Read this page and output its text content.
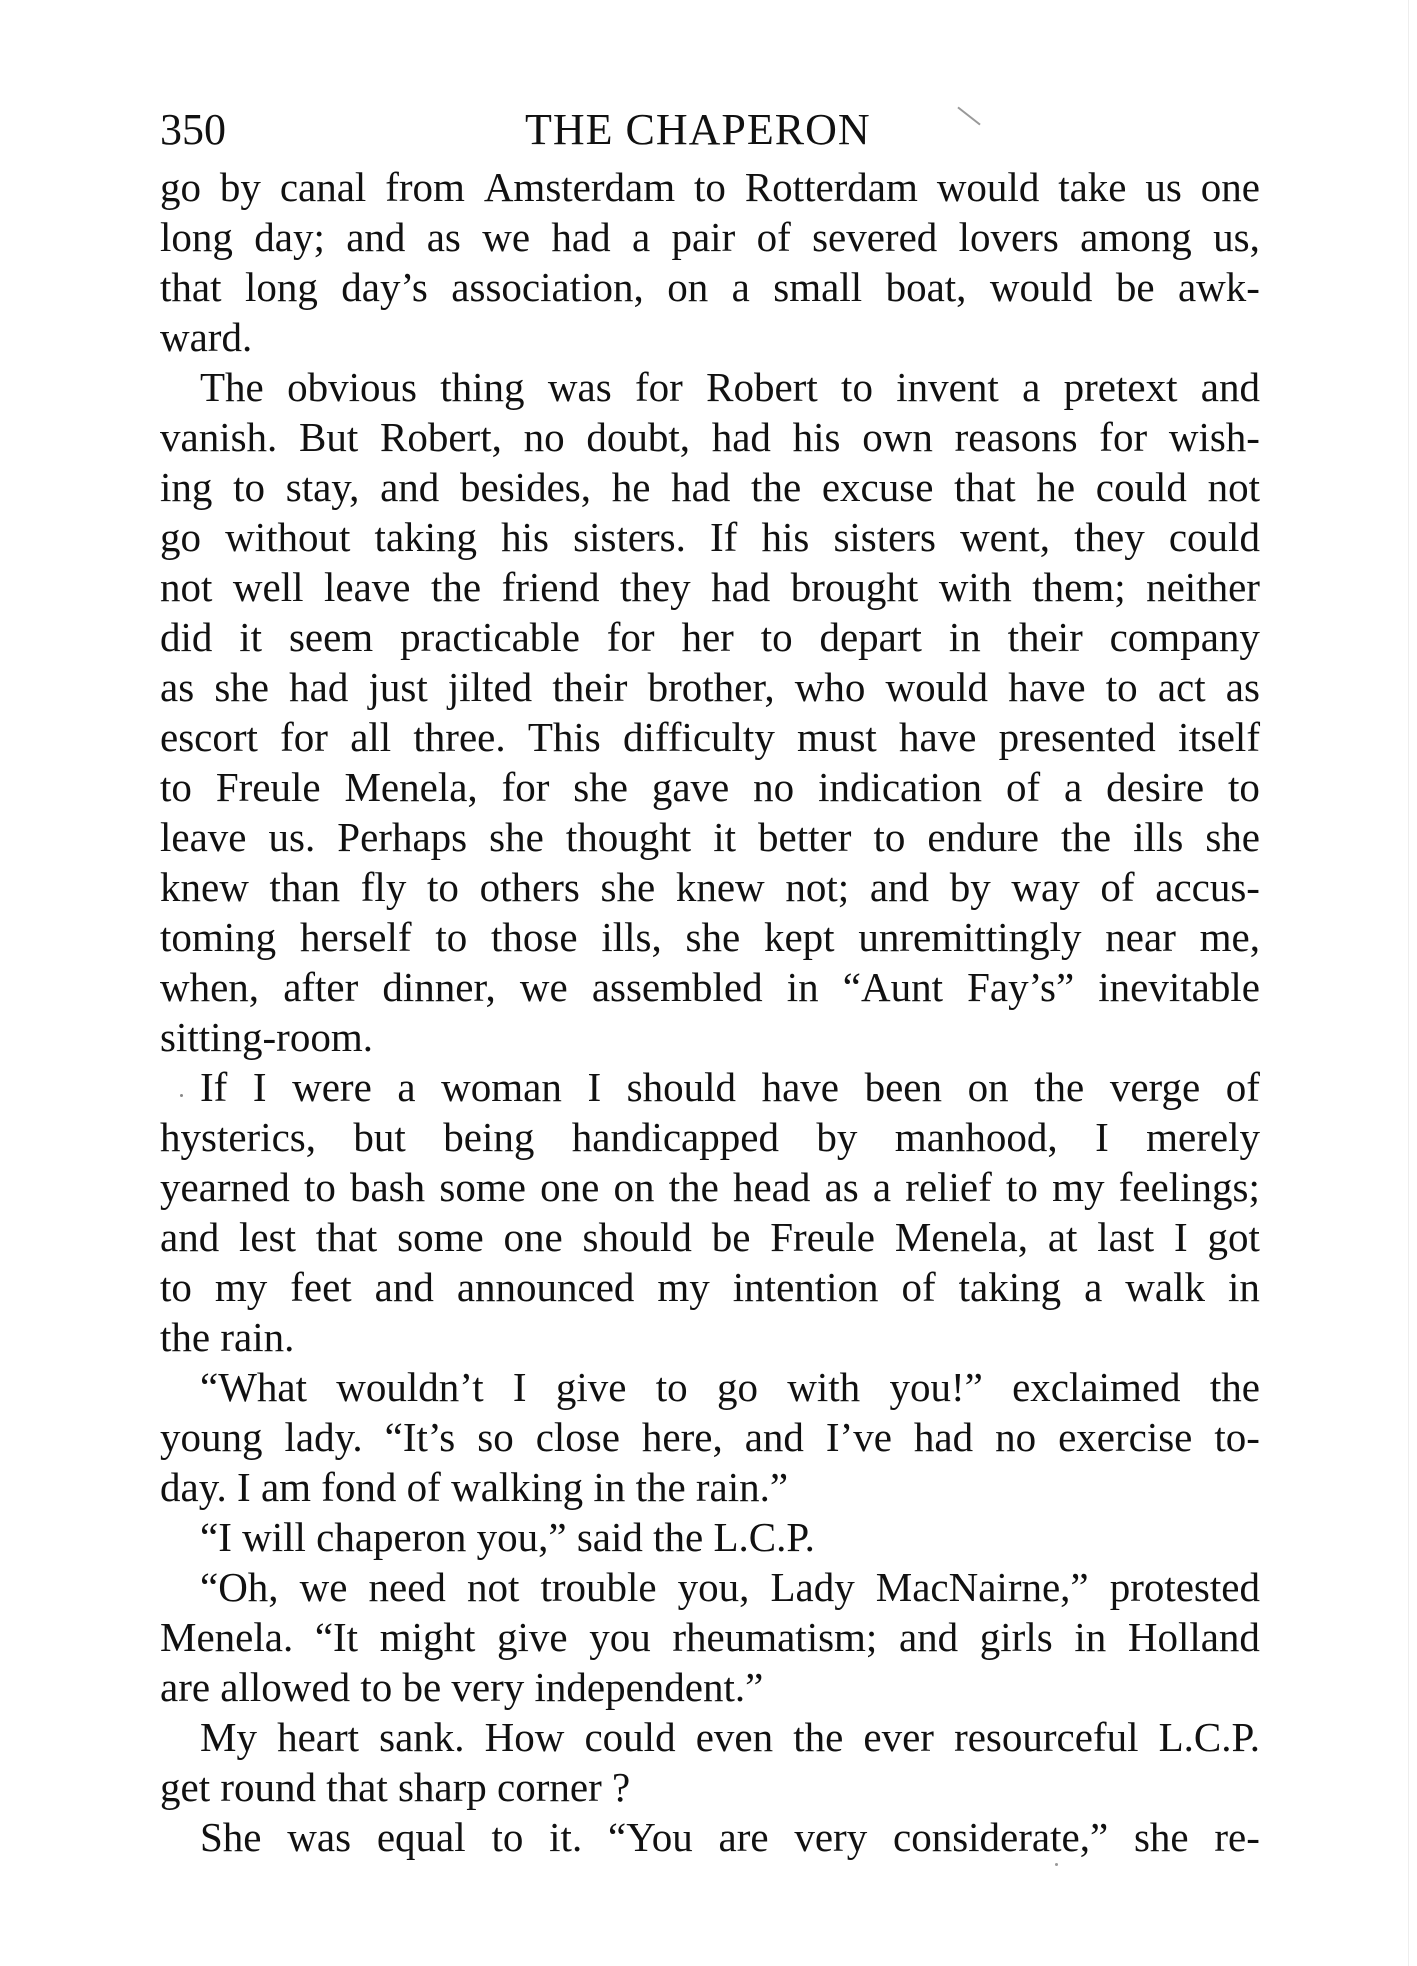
350	THE CHAPERON
go by canal from Amsterdam to Rotterdam would take us one
long day; and as we had a pair of severed lovers among us,
that long day’s association, on a small boat, would be awk-
ward.
The obvious thing was for Robert to invent a pretext and
vanish. But Robert, no doubt, had his own reasons for wish-
ing to stay, and besides, he had the excuse that he could not
go without taking his sisters. If his sisters went, they could
not well leave the friend they had brought with them; neither
did it seem practicable for her to depart in their company
as she had just jilted their brother, who would have to act as
escort for all three. This difficulty must have presented itself
to Freule Menela, for she gave no indication of a desire to
leave us. Perhaps she thought it better to endure the ills she
knew than fly to others she knew not; and by way of accus-
toming herself to those ills, she kept unremittingly near me,
when, after dinner, we assembled in “Aunt Fay’s” inevitable
sitting-room.
If I were a woman I should have been on the verge of
hysterics, but being handicapped by manhood, I merely
yearned to bash some one on the head as a relief to my feelings;
and lest that some one should be Freule Menela, at last I got
to my feet and announced my intention of taking a walk in
the rain.
“What wouldn’t I give to go with you!” exclaimed the
young lady. “It’s so close here, and I’ve had no exercise to-
day. I am fond of walking in the rain.”
“I will chaperon you,” said the L.C.P.
“Oh, we need not trouble you, Lady MacNairne,” protested
Menela. “It might give you rheumatism; and girls in Holland
are allowed to be very independent.”
My heart sank. How could even the ever resourceful L.C.P.
get round that sharp corner ?
She was equal to it. “You are very considerate,” she re-
